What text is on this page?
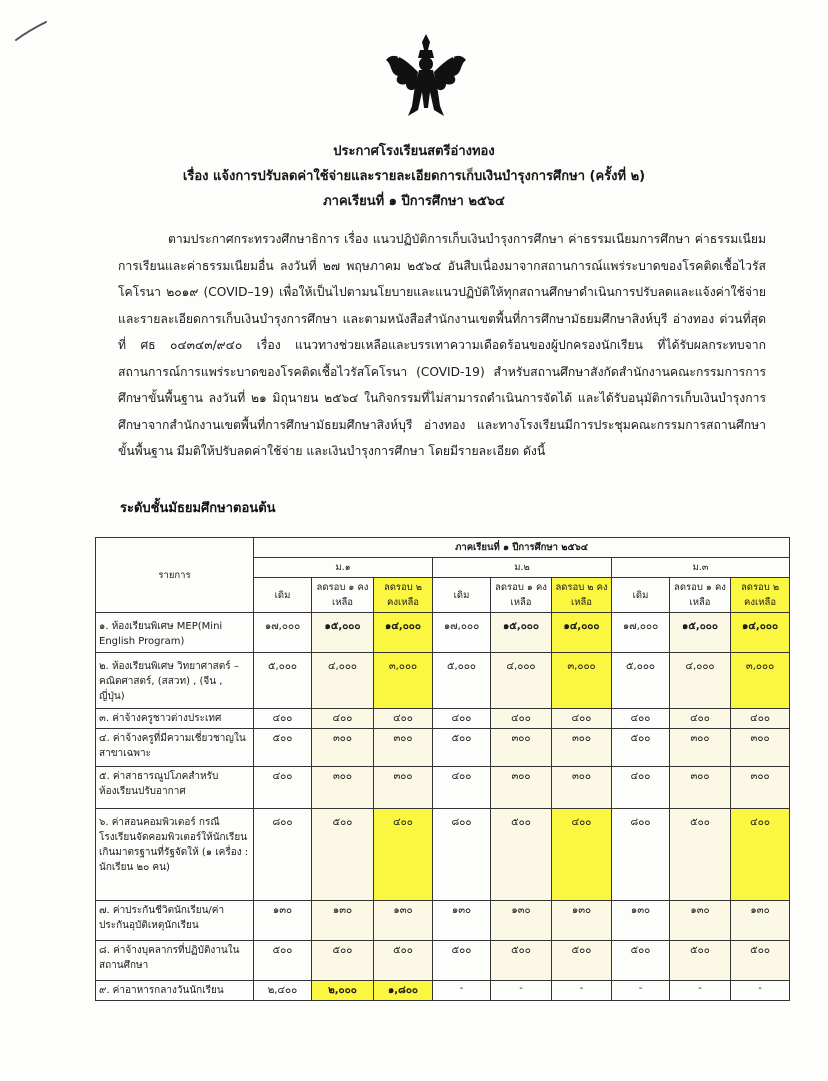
ประกาศโรงเรียนสตรีอ่างทอง
เรื่อง แจ้งการปรับลดค่าใช้จ่ายและรายละเอียดการเก็บเงินบำรุงการศึกษา (ครั้งที่ ๒)
ภาคเรียนที่ ๑ ปีการศึกษา ๒๕๖๔
ตามประกาศกระทรวงศึกษาธิการ เรื่อง แนวปฏิบัติการเก็บเงินบำรุงการศึกษา ค่าธรรมเนียมการศึกษา ค่าธรรมเนียมการเรียนและค่าธรรมเนียมอื่น ลงวันที่ ๒๗ พฤษภาคม ๒๕๖๔ อันสืบเนื่องมาจากสถานการณ์แพร่ระบาดของโรคติดเชื้อไวรัสโคโรนา ๒๐๑๙ (COVID–19) เพื่อให้เป็นไปตามนโยบายและแนวปฏิบัติให้ทุกสถานศึกษาดำเนินการปรับลดและแจ้งค่าใช้จ่ายและรายละเอียดการเก็บเงินบำรุงการศึกษา และตามหนังสือสำนักงานเขตพื้นที่การศึกษามัธยมศึกษาสิงห์บุรี อ่างทอง ด่วนที่สุด ที่ ศธ ๐๔๓๔๓/๙๔๐ เรื่อง แนวทางช่วยเหลือและบรรเทาความเดือดร้อนของผู้ปกครองนักเรียน ที่ได้รับผลกระทบจากสถานการณ์การแพร่ระบาดของโรคติดเชื้อไวรัสโคโรนา (COVID-19) สำหรับสถานศึกษาสังกัดสำนักงานคณะกรรมการการศึกษาขั้นพื้นฐาน ลงวันที่ ๒๑ มิถุนายน ๒๕๖๔ ในกิจกรรมที่ไม่สามารถดำเนินการจัดได้ และได้รับอนุมัติการเก็บเงินบำรุงการศึกษาจากสำนักงานเขตพื้นที่การศึกษามัธยมศึกษาสิงห์บุรี อ่างทอง และทางโรงเรียนมีการประชุมคณะกรรมการสถานศึกษาขั้นพื้นฐาน มีมติให้ปรับลดค่าใช้จ่าย และเงินบำรุงการศึกษา โดยมีรายละเอียด ดังนี้
ระดับชั้นมัธยมศึกษาตอนต้น
รายการ	ภาคเรียนที่ ๑ ปีการศึกษา ๒๕๖๔								
	ม.๑			ม.๒			ม.๓		
	เดิม	ลดรอบ ๑ คงเหลือ	ลดรอบ ๒ คงเหลือ	เดิม	ลดรอบ ๑ คงเหลือ	ลดรอบ ๒ คงเหลือ	เดิม	ลดรอบ ๑ คงเหลือ	ลดรอบ ๒ คงเหลือ
๑. ห้องเรียนพิเศษ MEP(Mini English Program)	๑๗,๐๐๐	๑๕,๐๐๐	๑๔,๐๐๐	๑๗,๐๐๐	๑๕,๐๐๐	๑๔,๐๐๐	๑๗,๐๐๐	๑๕,๐๐๐	๑๔,๐๐๐
๒. ห้องเรียนพิเศษ วิทยาศาสตร์ – คณิตศาสตร์, (สสวท) , (จีน , ญี่ปุ่น)	๕,๐๐๐	๔,๐๐๐	๓,๐๐๐	๕,๐๐๐	๔,๐๐๐	๓,๐๐๐	๕,๐๐๐	๔,๐๐๐	๓,๐๐๐
๓. ค่าจ้างครูชาวต่างประเทศ	๔๐๐	๔๐๐	๔๐๐	๔๐๐	๔๐๐	๔๐๐	๔๐๐	๔๐๐	๔๐๐
๔. ค่าจ้างครูที่มีความเชี่ยวชาญในสาขาเฉพาะ	๕๐๐	๓๐๐	๓๐๐	๕๐๐	๓๐๐	๓๐๐	๕๐๐	๓๐๐	๓๐๐
๕. ค่าสาธารณูปโภคสำหรับห้องเรียนปรับอากาศ	๔๐๐	๓๐๐	๓๐๐	๔๐๐	๓๐๐	๓๐๐	๔๐๐	๓๐๐	๓๐๐
๖. ค่าสอนคอมพิวเตอร์ กรณีโรงเรียนจัดคอมพิวเตอร์ให้นักเรียนเกินมาตรฐานที่รัฐจัดให้ (๑ เครื่อง : นักเรียน ๒๐ คน)	๘๐๐	๕๐๐	๔๐๐	๘๐๐	๕๐๐	๔๐๐	๘๐๐	๕๐๐	๔๐๐
๗. ค่าประกันชีวิตนักเรียน/ค่าประกันอุบัติเหตุนักเรียน	๑๓๐	๑๓๐	๑๓๐	๑๓๐	๑๓๐	๑๓๐	๑๓๐	๑๓๐	๑๓๐
๘. ค่าจ้างบุคลากรที่ปฏิบัติงานในสถานศึกษา	๕๐๐	๕๐๐	๕๐๐	๕๐๐	๕๐๐	๕๐๐	๕๐๐	๕๐๐	๕๐๐
๙. ค่าอาหารกลางวันนักเรียน	๒,๔๐๐	๒,๐๐๐	๑,๘๐๐	-	-	-	-	-	-
